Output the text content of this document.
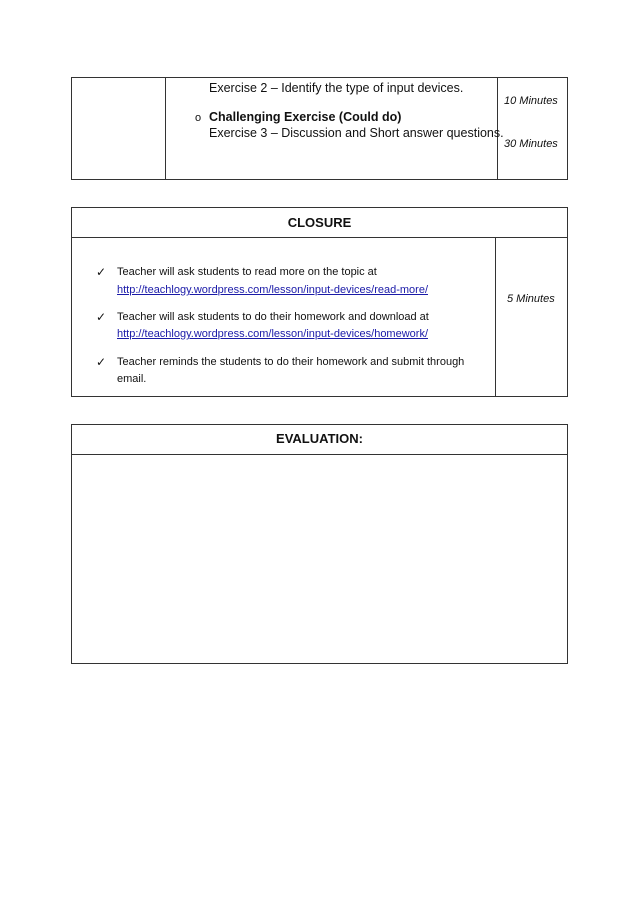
Exercise 2 – Identify the type of input devices.
o Challenging Exercise (Could do)
Exercise 3 – Discussion and Short answer questions.
10 Minutes
30 Minutes
CLOSURE
✓ Teacher will ask students to read more on the topic at
http://teachlogy.wordpress.com/lesson/input-devices/read-more/
✓ Teacher will ask students to do their homework and download at
http://teachlogy.wordpress.com/lesson/input-devices/homework/
✓ Teacher reminds the students to do their homework and submit through
email.
5 Minutes
EVALUATION:
